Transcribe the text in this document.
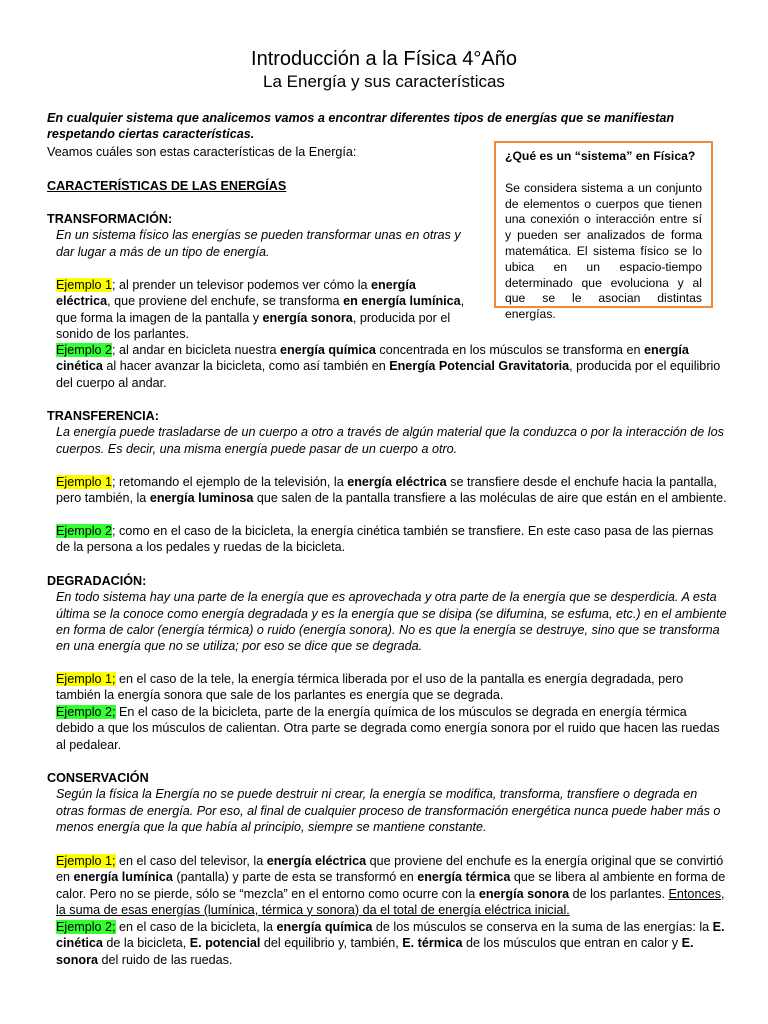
Introducción a la Física 4°Año
La Energía y sus características
En cualquier sistema que analicemos vamos a encontrar diferentes tipos de energías que se manifiestan respetando ciertas características.
Veamos cuáles son estas características de la Energía:	¿Qué es un “sistema” en Física?
Se considera sistema a un conjunto de elementos o cuerpos que tienen una conexión o interacción entre sí y pueden ser analizados de forma matemática. El sistema físico se lo ubica en un espacio-tiempo determinado que evoluciona y al que se le asocian distintas energías.
CARACTERÍSTICAS DE LAS ENERGÍAS
TRANSFORMACIÓN:
En un sistema físico las energías se pueden transformar unas en otras y dar lugar a más de un tipo de energía.
Ejemplo 1; al prender un televisor podemos ver cómo la energía eléctrica, que proviene del enchufe, se transforma en energía lumínica, que forma la imagen de la pantalla y energía sonora, producida por el sonido de los parlantes.
Ejemplo 2; al andar en bicicleta nuestra energía química concentrada en los músculos se transforma en energía cinética al hacer avanzar la bicicleta, como así también en Energía Potencial Gravitatoria, producida por el equilibrio del cuerpo al andar.
TRANSFERENCIA:
La energía puede trasladarse de un cuerpo a otro a través de algún material que la conduzca o por la interacción de los cuerpos. Es decir, una misma energía puede pasar de un cuerpo a otro.
Ejemplo 1; retomando el ejemplo de la televisión, la energía eléctrica se transfiere desde el enchufe hacia la pantalla, pero también, la energía luminosa que salen de la pantalla transfiere a las moléculas de aire que están en el ambiente.
Ejemplo 2; como en el caso de la bicicleta, la energía cinética también se transfiere. En este caso pasa de las piernas de la persona a los pedales y ruedas de la bicicleta.
DEGRADACIÓN:
En todo sistema hay una parte de la energía que es aprovechada y otra parte de la energía que se desperdicia. A esta última se la conoce como energía degradada y es la energía que se disipa (se difumina, se esfuma, etc.) en el ambiente en forma de calor (energía térmica) o ruido (energía sonora). No es que la energía se destruye, sino que se transforma en una energía que no se utiliza; por eso se dice que se degrada.
Ejemplo 1; en el caso de la tele, la energía térmica liberada por el uso de la pantalla es energía degradada, pero también la energía sonora que sale de los parlantes es energía que se degrada.
Ejemplo 2; En el caso de la bicicleta, parte de la energía química de los músculos se degrada en energía térmica debido a que los músculos de calientan. Otra parte se degrada como energía sonora por el ruido que hacen las ruedas al pedalear.
CONSERVACIÓN
Según la física la Energía no se puede destruir ni crear, la energía se modifica, transforma, transfiere o degrada en otras formas de energía. Por eso, al final de cualquier proceso de transformación energética nunca puede haber más o menos energía que la que había al principio, siempre se mantiene constante.
Ejemplo 1; en el caso del televisor, la energía eléctrica que proviene del enchufe es la energía original que se convirtió en energía lumínica (pantalla) y parte de esta se transformó en energía térmica que se libera al ambiente en forma de calor. Pero no se pierde, sólo se “mezcla” en el entorno como ocurre con la energía sonora de los parlantes. Entonces, la suma de esas energías (lumínica, térmica y sonora) da el total de energía eléctrica inicial.
Ejemplo 2; en el caso de la bicicleta, la energía química de los músculos se conserva en la suma de las energías: la E. cinética de la bicicleta, E. potencial del equilibrio y, también, E. térmica de los músculos que entran en calor y E. sonora del ruido de las ruedas.
